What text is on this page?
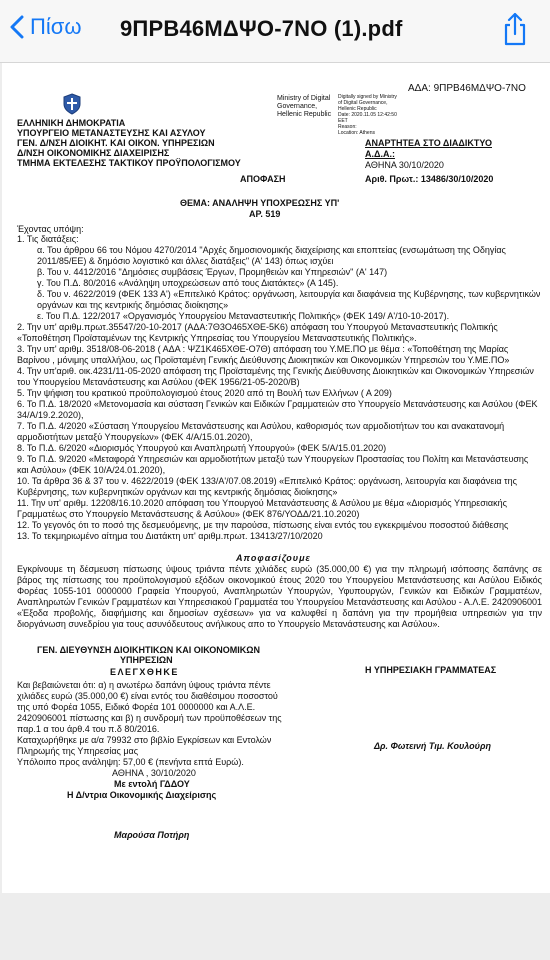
Πίσω 9ΠΡΒ46ΜΔΨΟ-7ΝΟ (1).pdf
ΑΔΑ: 9ΠΡΒ46ΜΔΨΟ-7ΝΟ
ΕΛΛΗΝΙΚΗ ΔΗΜΟΚΡΑΤΙΑ
ΥΠΟΥΡΓΕΙΟ ΜΕΤΑΝΑΣΤΕΥΣΗΣ ΚΑΙ ΑΣΥΛΟΥ
ΓΕΝ. Δ/ΝΣΗ ΔΙΟΙΚΗΤ. ΚΑΙ ΟΙΚΟΝ. ΥΠΗΡΕΣΙΩΝ
Δ/ΝΣΗ ΟΙΚΟΝΟΜΙΚΗΣ ΔΙΑΧΕΙΡΙΣΗΣ
ΤΜΗΜΑ ΕΚΤΕΛΕΣΗΣ ΤΑΚΤΙΚΟΥ ΠΡΟΫΠΟΛΟΓΙΣΜΟΥ
Ministry of Digital
Governance,
Hellenic Republic
Digitally signed by Ministry
of Digital Governance,
Hellenic Republic
Date: 2020.11.05 12:42:50
EET
Reason:
Location: Athens
ΑΝΑΡΤΗΤΕΑ ΣΤΟ ΔΙΑΔΙΚΤΥΟ
Α.Δ.Α.:
ΑΘΗΝΑ 30/10/2020
Αριθ. Πρωτ.: 13486/30/10/2020
ΑΠΟΦΑΣΗ
ΘΕΜΑ: ΑΝΑΛΗΨΗ ΥΠΟΧΡΕΩΣΗΣ ΥΠ'
ΑΡ. 519
Έχοντας υπόψη:

1. Τις διατάξεις:

α. Του άρθρου 66 του Νόμου 4270/2014 "Αρχές δημοσιονομικής διαχείρισης και εποπτείας (ενσωμάτωση της Οδηγίας 2011/85/ΕΕ) & δημόσιο λογιστικό και άλλες διατάξεις" (Α' 143) όπως ισχύει

β. Του ν. 4412/2016 "Δημόσιες συμβάσεις Έργων, Προμηθειών και Υπηρεσιών" (Α' 147)

γ. Του Π.Δ. 80/2016 «Ανάληψη υποχρεώσεων από τους Διατάκτες» (Α 145).

δ. Του ν. 4622/2019 (ΦΕΚ 133 Α') «Επιτελικό Κράτος: οργάνωση, λειτουργία και διαφάνεια της Κυβέρνησης, των κυβερνητικών οργάνων και της κεντρικής δημόσιας διοίκησης»

ε. Του Π.Δ. 122/2017 «Οργανισμός Υπουργείου Μεταναστευτικής Πολιτικής» (ΦΕΚ 149/ Α'/10-10-2017).

2. Την υπ' αριθμ.πρωτ.35547/20-10-2017 (ΑΔΑ:7Θ3Ο465ΧΘΕ-5Κ6) απόφαση του Υπουργού Μεταναστευτικής Πολιτικής «Τοποθέτηση Προϊσταμένων της Κεντρικής Υπηρεσίας του Υπουργείου Μεταναστευτικής Πολιτικής».

3. Την υπ' αριθμ. 3518/08-06-2018 ( ΑΔΑ : ΨΖ1Κ465ΧΘΕ-Ο7Θ) απόφαση του Υ.ΜΕ.ΠΟ με θέμα : «Τοποθέτηση της Μαρίας Βαρίνου , μόνιμης υπαλλήλου, ως Προϊσταμένη Γενικής Διεύθυνσης Διοικητικών και Οικονομικών Υπηρεσιών του Υ.ΜΕ.ΠΟ»

4. Την υπ'αριθ. οικ.4231/11-05-2020 απόφαση της Προϊσταμένης της Γενικής Διεύθυνσης Διοικητικών και Οικονομικών Υπηρεσιών του Υπουργείου Μετανάστευσης και Ασύλου (ΦΕΚ 1956/21-05-2020/Β)

5. Την ψήφιση του κρατικού προϋπολογισμού έτους 2020 από τη Βουλή των Ελλήνων ( Α 209)

6. Το Π.Δ. 18/2020 «Μετονομασία και σύσταση Γενικών και Ειδικών Γραμματειών στο Υπουργείο Μετανάστευσης και Ασύλου (ΦΕΚ 34/Α/19.2.2020),

7. Το Π.Δ. 4/2020 «Σύσταση Υπουργείου Μετανάστευσης και Ασύλου, καθορισμός των αρμοδιοτήτων του και ανακατανομή αρμοδιοτήτων μεταξύ Υπουργείων» (ΦΕΚ 4/Α/15.01.2020),

8. Το Π.Δ. 6/2020 «Διορισμός Υπουργού και Αναπληρωτή Υπουργού» (ΦΕΚ 5/Α/15.01.2020)

9. Το Π.Δ. 9/2020 «Μεταφορά Υπηρεσιών και αρμοδιοτήτων μεταξύ των Υπουργείων Προστασίας του Πολίτη και Μετανάστευσης και Ασύλου» (ΦΕΚ 10/Α/24.01.2020),

10. Τα άρθρα 36 & 37 του ν. 4622/2019 (ΦΕΚ 133/Α'/07.08.2019) «Επιτελικό Κράτος: οργάνωση, λειτουργία και διαφάνεια της Κυβέρνησης, των κυβερνητικών οργάνων και της κεντρικής δημόσιας διοίκησης»

11. Την υπ' αριθμ. 12208/16.10.2020 απόφαση του Υπουργού Μετανάστευσης & Ασύλου με θέμα «Διορισμός Υπηρεσιακής Γραμματέως στο Υπουργείο Μετανάστευσης & Ασύλου» (ΦΕΚ 876/ΥΟΔΔ/21.10.2020)

12. Το γεγονός ότι το ποσό της δεσμευόμενης, με την παρούσα, πίστωσης είναι εντός του εγκεκριμένου ποσοστού διάθεσης

13. Το τεκμηριωμένο αίτημα του Διατάκτη υπ' αριθμ.πρωτ. 13413/27/10/2020

Αποφασίζουμε
Εγκρίνουμε τη δέσμευση πίστωσης ύψους τριάντα πέντε χιλιάδες ευρώ (35.000,00 €) για την πληρωμή ισόποσης δαπάνης σε βάρος της πίστωσης του προϋπολογισμού εξόδων οικονομικού έτους 2020 του Υπουργείου Μετανάστευσης και Ασύλου Ειδικός Φορέας 1055-101 0000000 Γραφεία Υπουργού, Αναπληρωτών Υπουργών, Υφυπουργών, Γενικών και Ειδικών Γραμματέων, Αναπληρωτών Γενικών Γραμματέων και Υπηρεσιακού Γραμματέα του Υπουργείου Μετανάστευσης και Ασύλου - Α.Λ.Ε. 2420906001 «Έξοδα προβολής, διαφήμισης και δημοσίων σχέσεων» για να καλυφθεί η δαπάνη για την προμήθεια υπηρεσιών για την διοργάνωση συνεδρίου για τους ασυνόδευτους ανήλικους απο το Υπουργείο Μετανάστευσης και Ασύλου».
ΓΕΝ. ΔΙΕΥΘΥΝΣΗ ΔΙΟΙΚΗΤΙΚΩΝ ΚΑΙ ΟΙΚΟΝΟΜΙΚΩΝ
ΥΠΗΡΕΣΙΩΝ
ΕΛΕΓΧΘΗΚΕ	Η ΥΠΗΡΕΣΙΑΚΗ ΓΡΑΜΜΑΤΕΑΣ

Και βεβαιώνεται ότι: α) η ανωτέρω δαπάνη ύψους τριάντα πέντε

χιλιάδες ευρώ (35.000,00 €) είναι εντός του διαθέσιμου ποσοστού

της υπό Φορέα 1055, Ειδικό Φορέα 101 0000000 και Α.Λ.Ε.

2420906001 πίστωσης και β) η συνδρομή των προϋποθέσεων της

παρ.1 α του άρθ.4 του π.δ 80/2016.

Καταχωρήθηκε με α/α 79932 στο βιβλίο Εγκρίσεων και Εντολών

Πληρωμής της Υπηρεσίας μας

Υπόλοιπο προς ανάληψη: 57,00 € (πενήντα επτά Ευρώ).

Δρ. Φωτεινή Τιμ. Κουλούρη
ΑΘΗΝΑ , 30/10/2020
Με εντολή ΓΔΔΟΥ
Η Δ/ντρια Οικονομικής Διαχείρισης
Μαρούσα Ποτήρη
